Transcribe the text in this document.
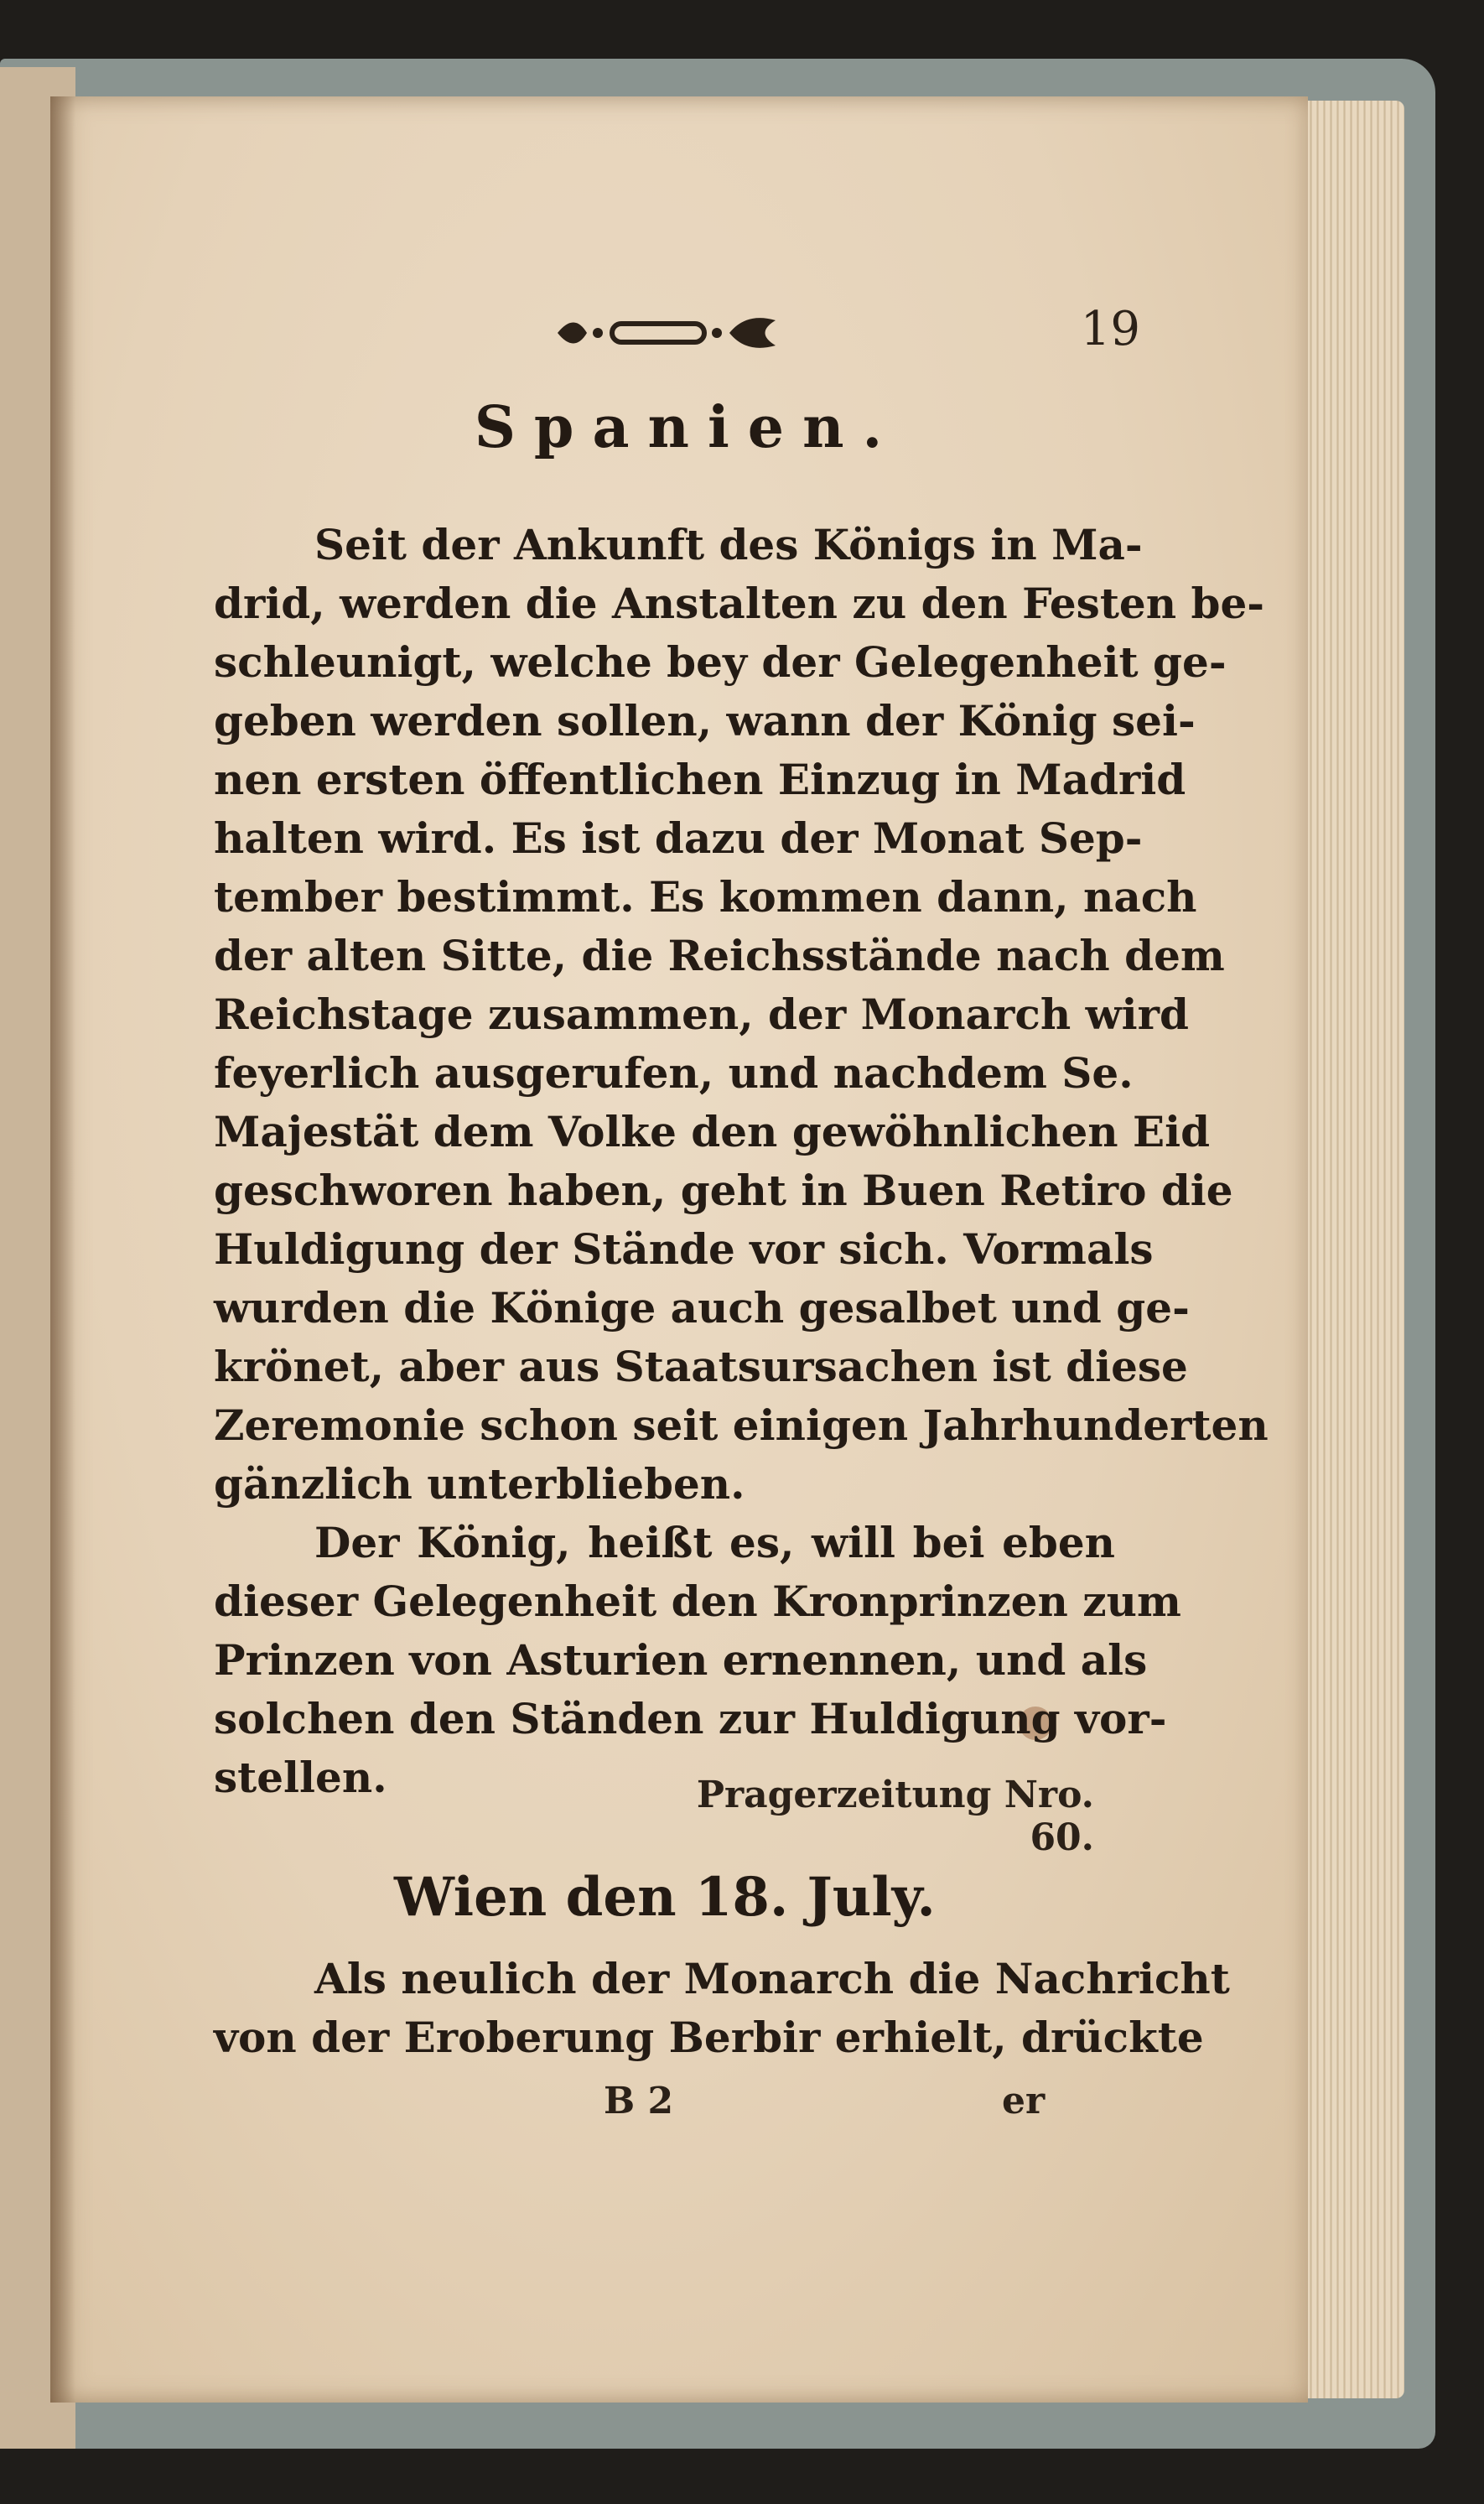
19
Spanien.
Seit der Ankunft des Königs in Ma-
drid, werden die Anstalten zu den Festen be-
schleunigt, welche bey der Gelegenheit ge-
geben werden sollen, wann der König sei-
nen ersten öffentlichen Einzug in Madrid
halten wird. Es ist dazu der Monat Sep-
tember bestimmt. Es kommen dann, nach
der alten Sitte, die Reichsstände nach dem
Reichstage zusammen, der Monarch wird
feyerlich ausgerufen, und nachdem Se.
Majestät dem Volke den gewöhnlichen Eid
geschworen haben, geht in Buen Retiro die
Huldigung der Stände vor sich. Vormals
wurden die Könige auch gesalbet und ge-
krönet, aber aus Staatsursachen ist diese
Zeremonie schon seit einigen Jahrhunderten
gänzlich unterblieben.
Der König, heißt es, will bei eben
dieser Gelegenheit den Kronprinzen zum
Prinzen von Asturien ernennen, und als
solchen den Ständen zur Huldigung vor-
stellen.	Pragerzeitung Nro. 60.
Wien den 18. July.
Als neulich der Monarch die Nachricht
von der Eroberung Berbir erhielt, drückte
B 2	er
